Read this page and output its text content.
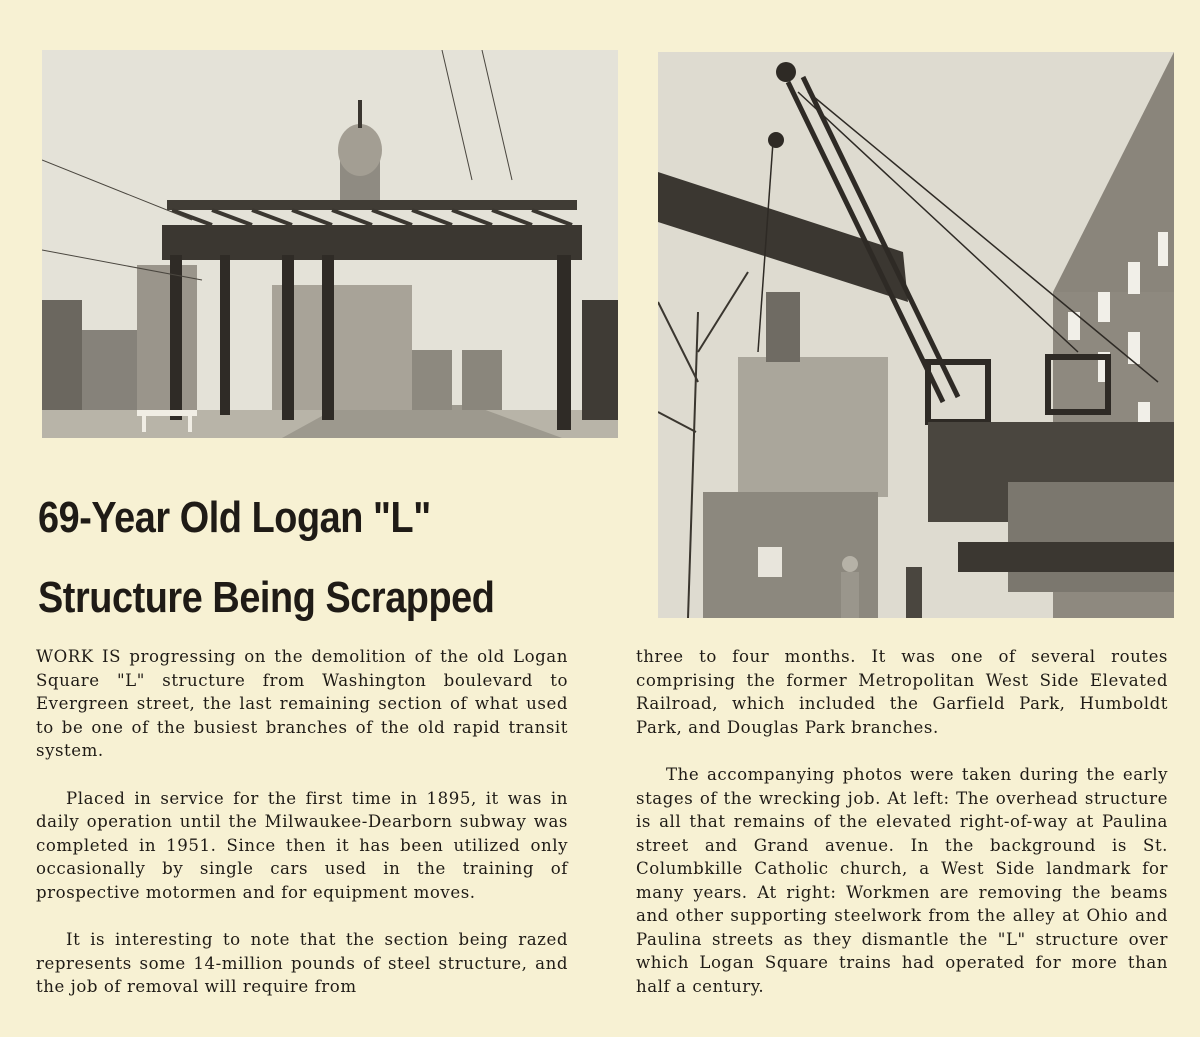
69-Year Old Logan "L"
Structure Being Scrapped

WORK IS progressing on the demolition of the old Logan Square "L" structure from Washington boulevard to Evergreen street, the last remaining section of what used to be one of the busiest branches of the old rapid transit system.

Placed in service for the first time in 1895, it was in daily operation until the Milwaukee-Dearborn subway was completed in 1951. Since then it has been utilized only occasionally by single cars used in the training of prospective motormen and for equipment moves.

It is interesting to note that the section being razed represents some 14-million pounds of steel structure, and the job of removal will require from

three to four months. It was one of several routes comprising the former Metropolitan West Side Elevated Railroad, which included the Garfield Park, Humboldt Park, and Douglas Park branches.

The accompanying photos were taken during the early stages of the wrecking job. At left: The overhead structure is all that remains of the elevated right-of-way at Paulina street and Grand avenue. In the background is St. Columbkille Catholic church, a West Side landmark for many years. At right: Workmen are removing the beams and other supporting steelwork from the alley at Ohio and Paulina streets as they dismantle the "L" structure over which Logan Square trains had operated for more than half a century.
